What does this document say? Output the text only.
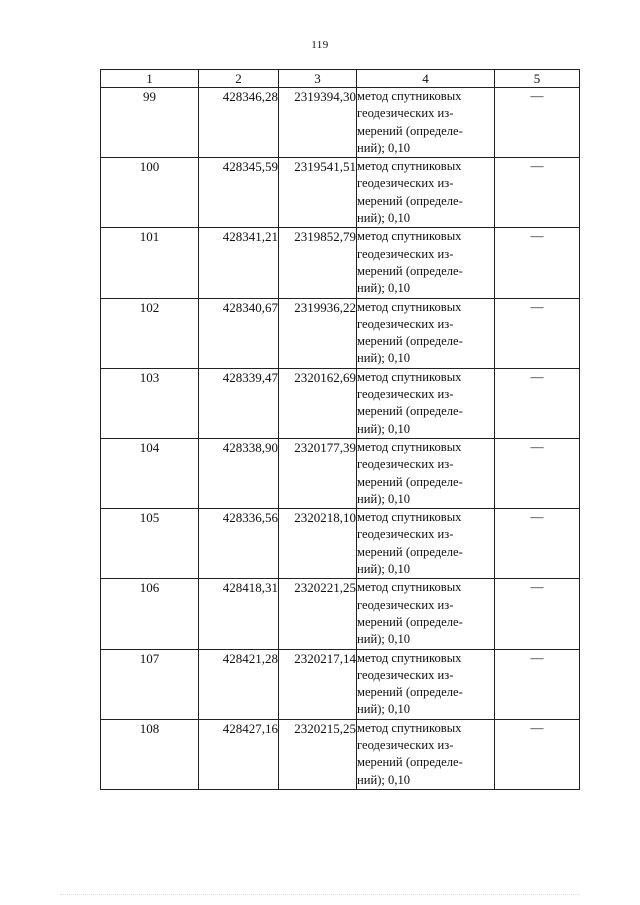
119
1	2	3	4	5
99	428346,28	2319394,30	метод спутниковых
геодезических из-
мерений (определе-
ний); 0,10	—
100	428345,59	2319541,51	метод спутниковых
геодезических из-
мерений (определе-
ний); 0,10	—
101	428341,21	2319852,79	метод спутниковых
геодезических из-
мерений (определе-
ний); 0,10	—
102	428340,67	2319936,22	метод спутниковых
геодезических из-
мерений (определе-
ний); 0,10	—
103	428339,47	2320162,69	метод спутниковых
геодезических из-
мерений (определе-
ний); 0,10	—
104	428338,90	2320177,39	метод спутниковых
геодезических из-
мерений (определе-
ний); 0,10	—
105	428336,56	2320218,10	метод спутниковых
геодезических из-
мерений (определе-
ний); 0,10	—
106	428418,31	2320221,25	метод спутниковых
геодезических из-
мерений (определе-
ний); 0,10	—
107	428421,28	2320217,14	метод спутниковых
геодезических из-
мерений (определе-
ний); 0,10	—
108	428427,16	2320215,25	метод спутниковых
геодезических из-
мерений (определе-
ний); 0,10	—
